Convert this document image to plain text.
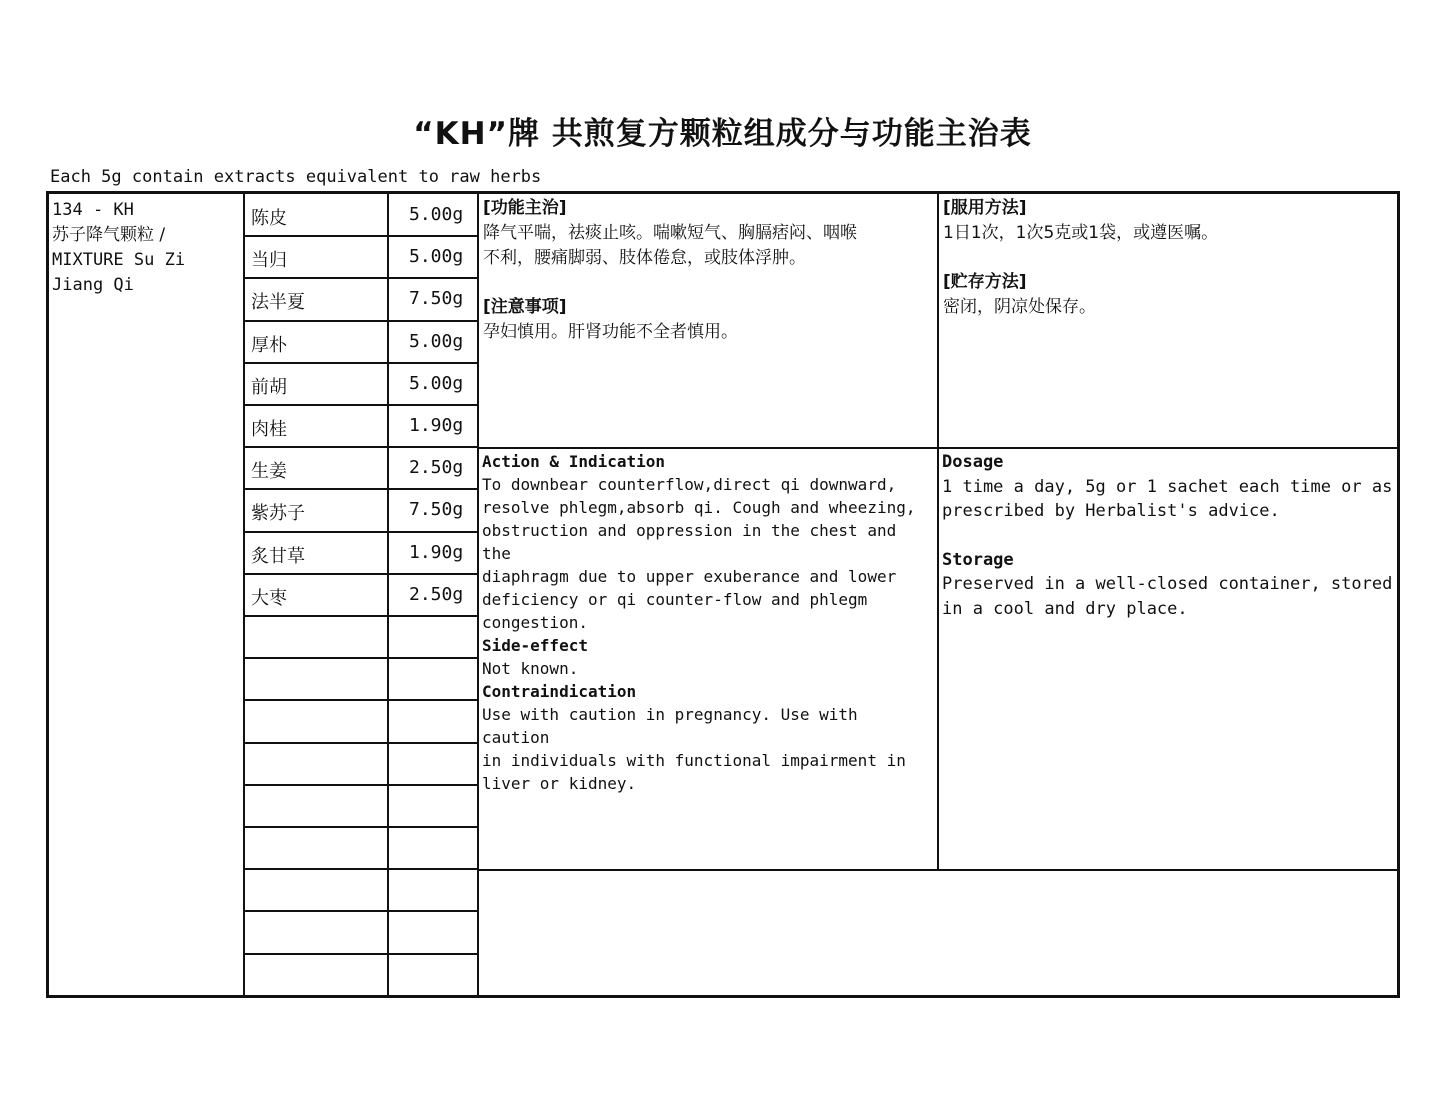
“KH”牌 共煎复方颗粒组成分与功能主治表
Each 5g contain extracts equivalent to raw herbs
134 - KH
苏子降气颗粒 /
MIXTURE Su Zi
Jiang Qi
陈皮	5.00g
当归	5.00g
法半夏	7.50g
厚朴	5.00g
前胡	5.00g
肉桂	1.90g
生姜	2.50g
紫苏子	7.50g
炙甘草	1.90g
大枣	2.50g
[功能主治]
降气平喘，祛痰止咳。喘嗽短气、胸膈痞闷、咽喉
不利，腰痛脚弱、肢体倦怠，或肢体浮肿。
[注意事项]
孕妇慎用。肝肾功能不全者慎用。
[服用方法]
1日1次，1次5克或1袋，或遵医嘱。
[贮存方法]
密闭，阴凉处保存。
Action & Indication
To downbear counterflow,direct qi downward,
resolve phlegm,absorb qi. Cough and wheezing,
obstruction and oppression in the chest and the
diaphragm due to upper exuberance and lower
deficiency or qi counter-flow and phlegm
congestion.
Side-effect
Not known.
Contraindication
Use with caution in pregnancy. Use with caution
in individuals with functional impairment in
liver or kidney.
Dosage
1 time a day, 5g or 1 sachet each time or as
prescribed by Herbalist's advice.
Storage
Preserved in a well-closed container, stored
in a cool and dry place.
